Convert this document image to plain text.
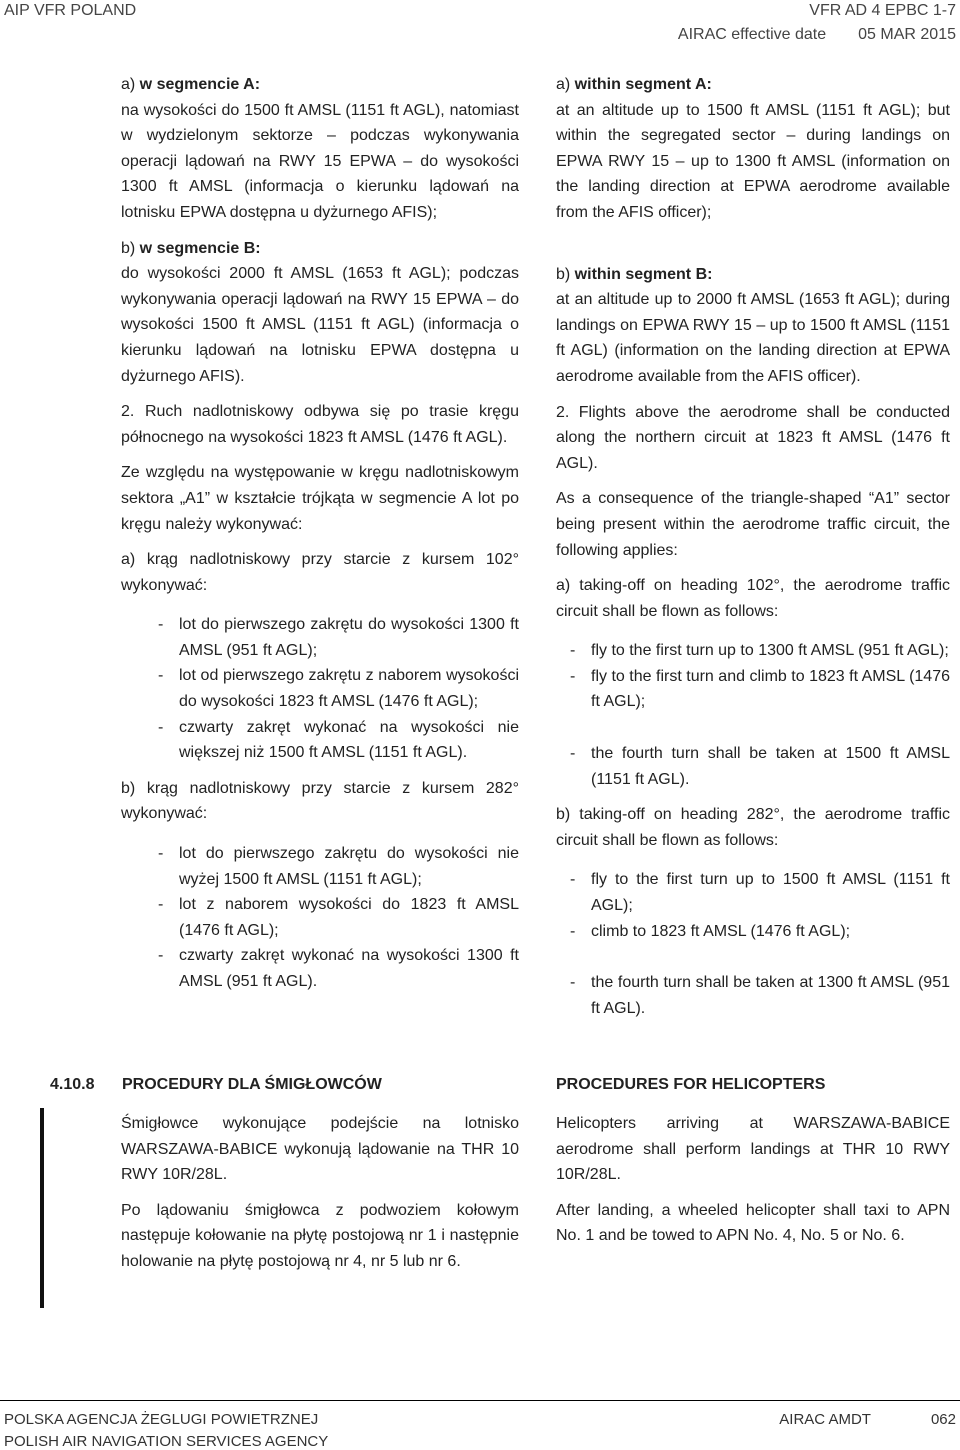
AIP VFR POLAND	VFR AD 4 EPBC 1-7
AIRAC effective date 05 MAR 2015
a) w segmencie A:

na wysokości do 1500 ft AMSL (1151 ft AGL), natomiast w wydzielonym sektorze – podczas wykonywania operacji lądowań na RWY 15 EPWA – do wysokości 1300 ft AMSL (informacja o kierunku lądowań na lotnisku EPWA dostępna u dyżurnego AFIS);

b) w segmencie B:

do wysokości 2000 ft AMSL (1653 ft AGL); podczas wykonywania operacji lądowań na RWY 15 EPWA – do wysokości 1500 ft AMSL (1151 ft AGL) (informacja o kierunku lądowań na lotnisku EPWA dostępna u dyżurnego AFIS).

2. Ruch nadlotniskowy odbywa się po trasie kręgu północnego na wysokości 1823 ft AMSL (1476 ft AGL).

Ze względu na występowanie w kręgu nadlotniskowym sektora „A1” w kształcie trójkąta w segmencie A lot po kręgu należy wykonywać:

a) krąg nadlotniskowy przy starcie z kursem 102° wykonywać:

- lot do pierwszego zakrętu do wysokości 1300 ft AMSL (951 ft AGL);

- lot od pierwszego zakrętu z naborem wysokości do wysokości 1823 ft AMSL (1476 ft AGL);

- czwarty zakręt wykonać na wysokości nie większej niż 1500 ft AMSL (1151 ft AGL).

b) krąg nadlotniskowy przy starcie z kursem 282° wykonywać:

- lot do pierwszego zakrętu do wysokości nie wyżej 1500 ft AMSL (1151 ft AGL);

- lot z naborem wysokości do 1823 ft AMSL (1476 ft AGL);

- czwarty zakręt wykonać na wysokości 1300 ft AMSL (951 ft AGL).

a) within segment A:

at an altitude up to 1500 ft AMSL (1151 ft AGL); but within the segregated sector – during landings on EPWA RWY 15 – up to 1300 ft AMSL (information on the landing direction at EPWA aerodrome available from the AFIS officer);

b) within segment B:

at an altitude up to 2000 ft AMSL (1653 ft AGL); during landings on EPWA RWY 15 – up to 1500 ft AMSL (1151 ft AGL) (information on the landing direction at EPWA aerodrome available from the AFIS officer).

2. Flights above the aerodrome shall be conducted along the northern circuit at 1823 ft AMSL (1476 ft AGL).

As a consequence of the triangle-shaped “A1” sector being present within the aerodrome traffic circuit, the following applies:

a) taking-off on heading 102°, the aerodrome traffic circuit shall be flown as follows:

- fly to the first turn up to 1300 ft AMSL (951 ft AGL);

- fly to the first turn and climb to 1823 ft AMSL (1476 ft AGL);

- the fourth turn shall be taken at 1500 ft AMSL (1151 ft AGL).

b) taking-off on heading 282°, the aerodrome traffic circuit shall be flown as follows:

- fly to the first turn up to 1500 ft AMSL (1151 ft AGL);

- climb to 1823 ft AMSL (1476 ft AGL);

- the fourth turn shall be taken at 1300 ft AMSL (951 ft AGL).

4.10.8 PROCEDURY DLA ŚMIGŁOWCÓW	PROCEDURES FOR HELICOPTERS

Śmigłowce wykonujące podejście na lotnisko WARSZAWA-BABICE wykonują lądowanie na THR 10 RWY 10R/28L.

Po lądowaniu śmigłowca z podwoziem kołowym następuje kołowanie na płytę postojową nr 1 i następnie holowanie na płytę postojową nr 4, nr 5 lub nr 6.

Helicopters arriving at WARSZAWA-BABICE aerodrome shall perform landings at THR 10 RWY 10R/28L.

After landing, a wheeled helicopter shall taxi to APN No. 1 and be towed to APN No. 4, No. 5 or No. 6.

POLSKA AGENCJA ŻEGLUGI POWIETRZNEJ
POLISH AIR NAVIGATION SERVICES AGENCY
AIRAC AMDT	062
